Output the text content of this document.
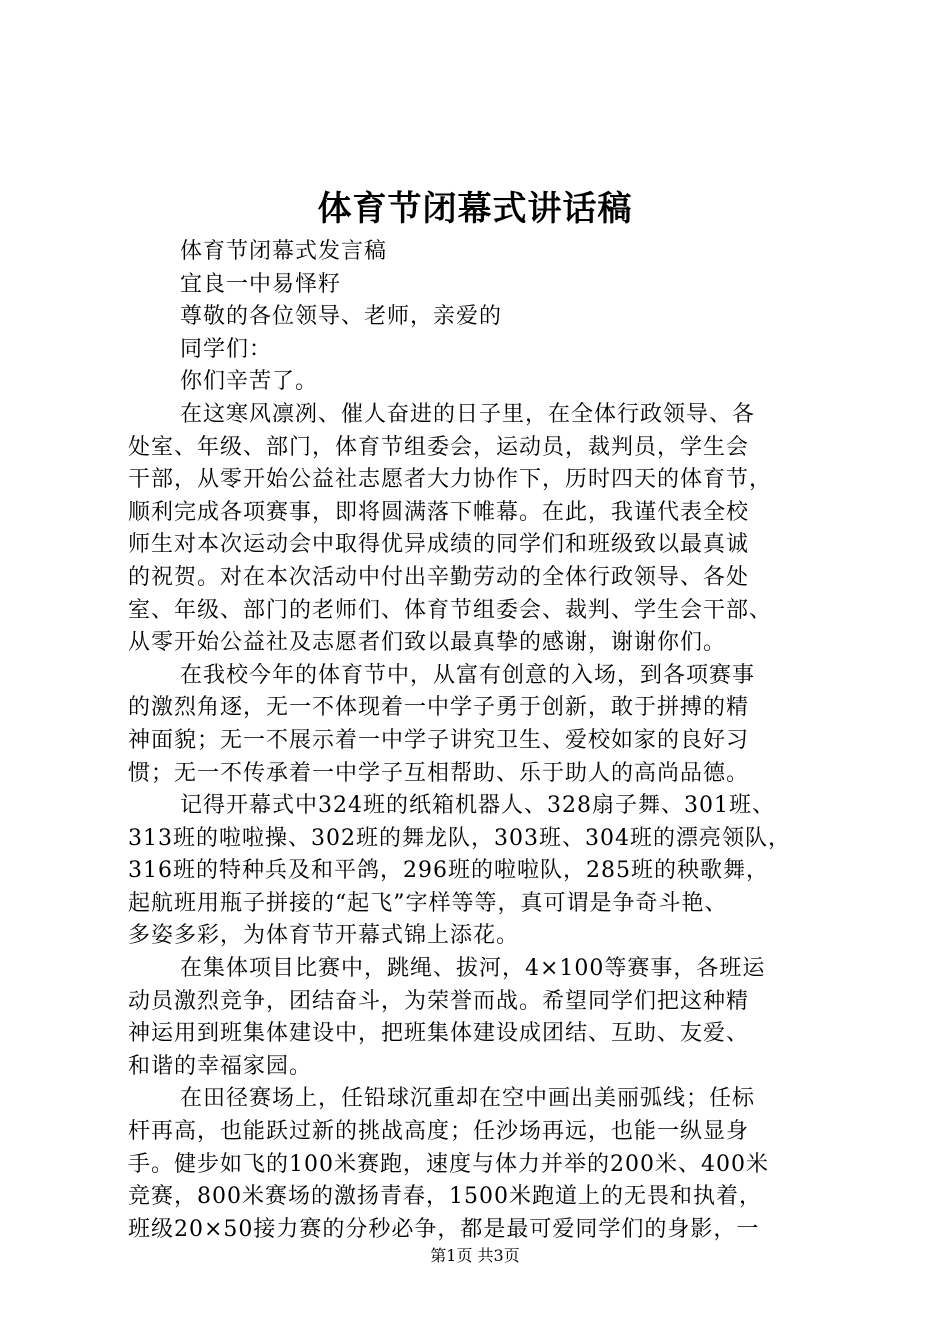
体育节闭幕式讲话稿

体育节闭幕式发言稿

宜良一中易怿籽

尊敬的各位领导、老师，亲爱的

同学们：

你们辛苦了。

在这寒风凛冽、催人奋进的日子里，在全体行政领导、各

处室、年级、部门，体育节组委会，运动员，裁判员，学生会

干部，从零开始公益社志愿者大力协作下，历时四天的体育节，

顺利完成各项赛事，即将圆满落下帷幕。在此，我谨代表全校

师生对本次运动会中取得优异成绩的同学们和班级致以最真诚

的祝贺。对在本次活动中付出辛勤劳动的全体行政领导、各处

室、年级、部门的老师们、体育节组委会、裁判、学生会干部、

从零开始公益社及志愿者们致以最真挚的感谢，谢谢你们。

在我校今年的体育节中，从富有创意的入场，到各项赛事

的激烈角逐，无一不体现着一中学子勇于创新，敢于拼搏的精

神面貌；无一不展示着一中学子讲究卫生、爱校如家的良好习

惯；无一不传承着一中学子互相帮助、乐于助人的高尚品德。

记得开幕式中324班的纸箱机器人、328扇子舞、301班、

313班的啦啦操、302班的舞龙队，303班、304班的漂亮领队，

316班的特种兵及和平鸽，296班的啦啦队，285班的秧歌舞，

起航班用瓶子拼接的“起飞”字样等等，真可谓是争奇斗艳、

多姿多彩，为体育节开幕式锦上添花。

在集体项目比赛中，跳绳、拔河，4×100等赛事，各班运

动员激烈竞争，团结奋斗，为荣誉而战。希望同学们把这种精

神运用到班集体建设中，把班集体建设成团结、互助、友爱、

和谐的幸福家园。

在田径赛场上，任铅球沉重却在空中画出美丽弧线；任标

杆再高，也能跃过新的挑战高度；任沙场再远，也能一纵显身

手。健步如飞的100米赛跑，速度与体力并举的200米、400米

竞赛，800米赛场的激扬青春，1500米跑道上的无畏和执着，

班级20×50接力赛的分秒必争，都是最可爱同学们的身影，一

第1页 共3页
